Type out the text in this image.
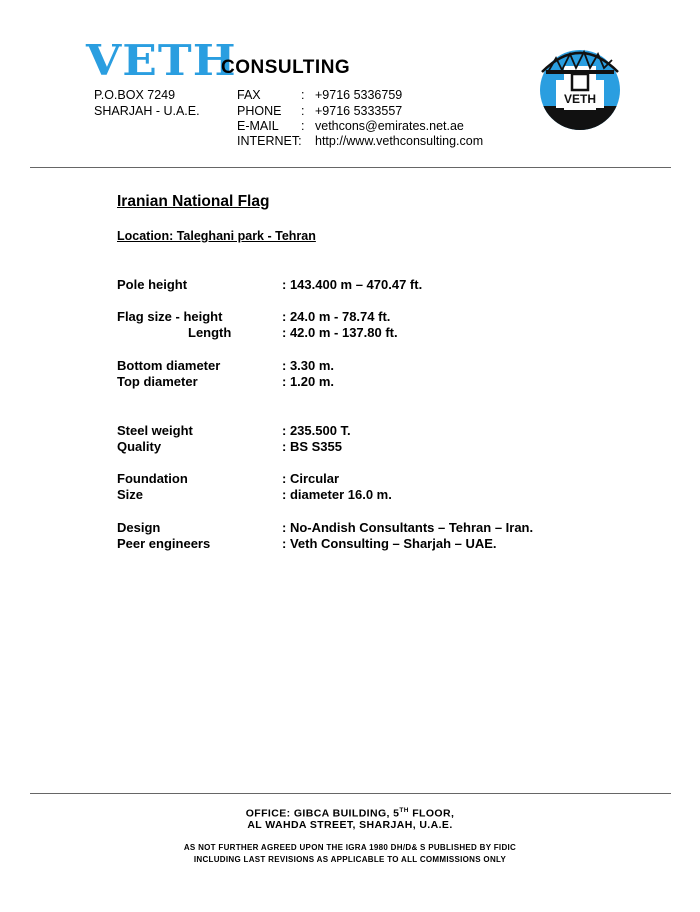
VETH
CONSULTING
P.O.BOX 7249
SHARJAH - U.A.E.
FAX	: +9716 5336759
PHONE : +9716 5333557
E-MAIL : vethcons@emirates.net.ae
INTERNET: http://www.vethconsulting.com
VETH
Iranian National Flag
Location: Taleghani park - Tehran
Pole height	: 143.400 m – 470.47 ft.
Flag size - height	: 24.0 m - 78.74 ft.
Length	: 42.0 m - 137.80 ft.
Bottom diameter	: 3.30 m.
Top diameter	: 1.20 m.
Steel weight	: 235.500 T.
Quality	: BS S355
Foundation	: Circular
Size	: diameter 16.0 m.
Design	: No-Andish Consultants – Tehran – Iran.
Peer engineers	: Veth Consulting – Sharjah – UAE.
OFFICE: GIBCA BUILDING, 5TH FLOOR,
AL WAHDA STREET, SHARJAH, U.A.E.
AS NOT FURTHER AGREED UPON THE IGRA 1980 DH/D& S PUBLISHED BY FIDIC
INCLUDING LAST REVISIONS AS APPLICABLE TO ALL COMMISSIONS ONLY
